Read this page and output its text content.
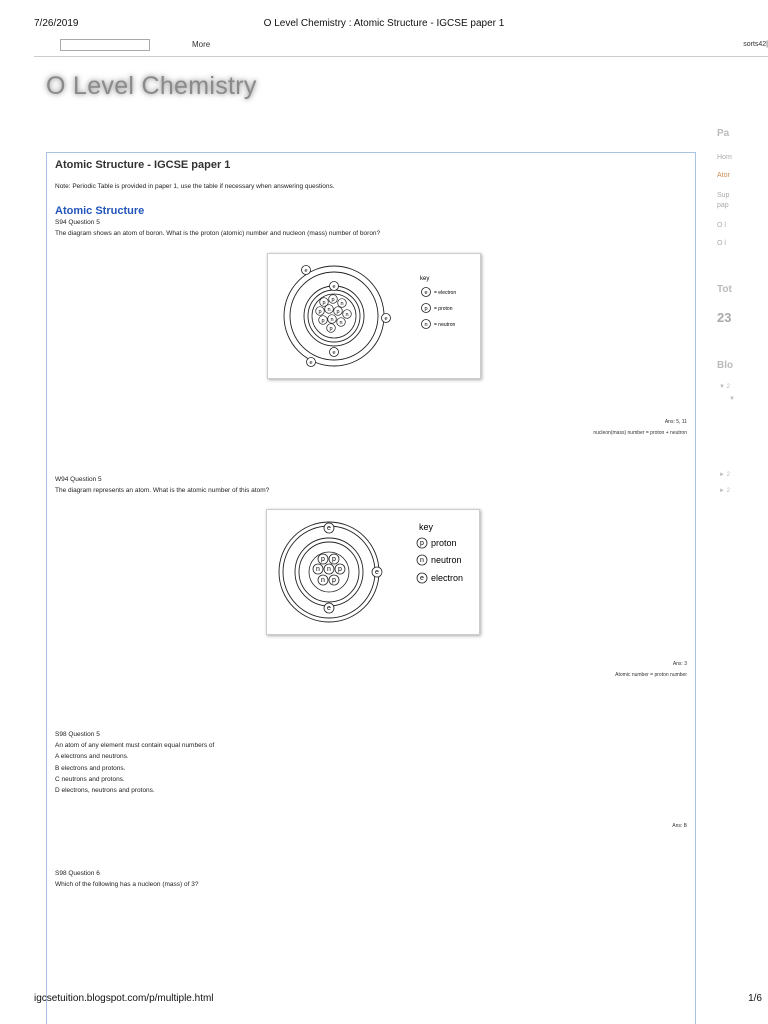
7/26/2019	O Level Chemistry : Atomic Structure - IGCSE paper 1
More	sorts42|
O Level Chemistry
Atomic Structure - IGCSE paper 1
Note: Periodic Table is provided in paper 1, use the table if necessary when answering questions.
Atomic Structure
S94 Question 5
The diagram shows an atom of boron. What is the proton (atomic) number and nucleon (mass) number of boron?
p p
n
p n p n
p n n
p
e
e
e
e
e
key
e = electron
p = proton
n = neutron
Ans: 5, 11
nucleon(mass) number = proton + neutron
W94 Question 5
The diagram represents an atom. What is the atomic number of this atom?
p p
n n p
n p
e
e
e
key
p proton
n neutron
e electron
Ans: 3
Atomic number = proton number
S98 Question 5
An atom of any element must contain equal numbers of
A electrons and neutrons.
B electrons and protons.
C neutrons and protons.
D electrons, neutrons and protons.
Ans: B
S98 Question 6
Which of the following has a nucleon (mass) of 3?
Pa
Hom
Ator
Sup
pap
O l
O l
Tot
23
Blo
▼ 2
▼
► 2
► 2
igcsetuition.blogspot.com/p/multiple.html	1/6
